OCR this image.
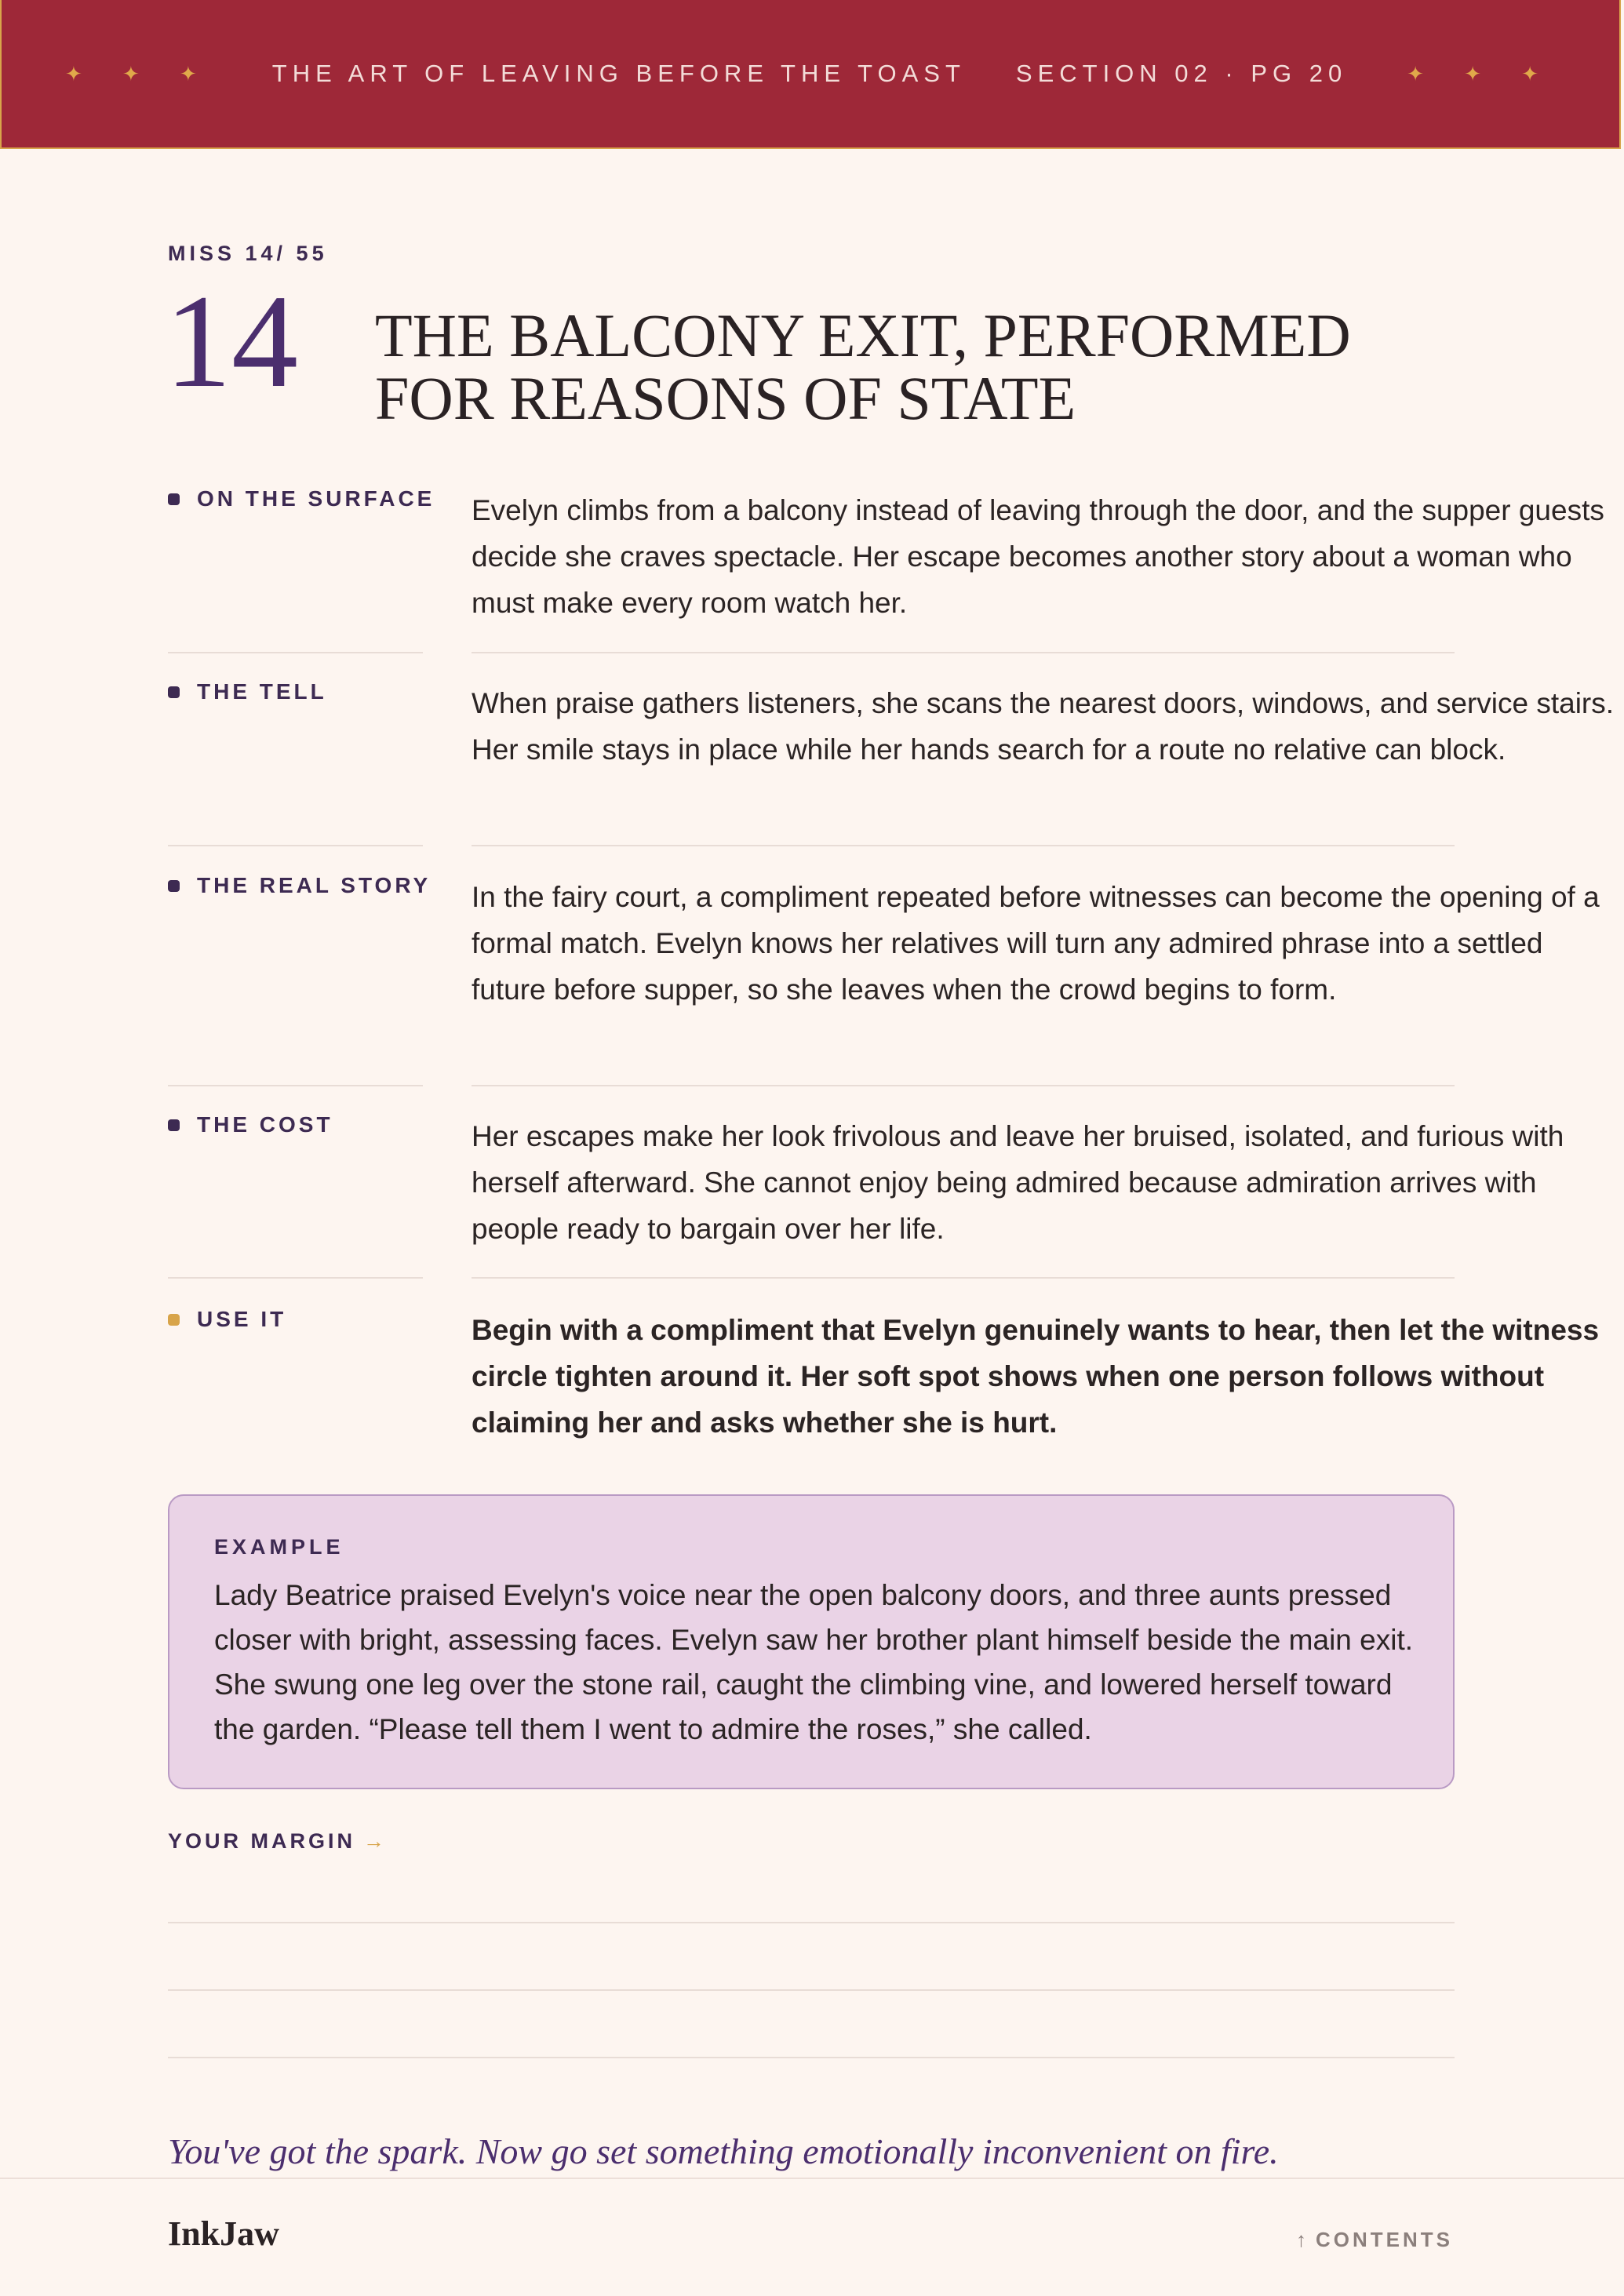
✦ ✦ ✦ THE ART OF LEAVING BEFORE THE TOAST SECTION 02 · PG 20	✦ ✦ ✦
MISS 14/ 55
14 THE BALCONY EXIT, PERFORMED FOR REASONS OF STATE
ON THE SURFACE Evelyn climbs from a balcony instead of leaving through the door, and the supper guests decide she craves spectacle. Her escape becomes another story about a woman who must make every room watch her.
THE TELL	When praise gathers listeners, she scans the nearest doors, windows, and service stairs. Her smile stays in place while her hands search for a route no relative can block.
THE REAL STORY In the fairy court, a compliment repeated before witnesses can become the opening of a formal match. Evelyn knows her relatives will turn any admired phrase into a settled future before supper, so she leaves when the crowd begins to form.
THE COST	Her escapes make her look frivolous and leave her bruised, isolated, and furious with herself afterward. She cannot enjoy being admired because admiration arrives with people ready to bargain over her life.
USE IT	Begin with a compliment that Evelyn genuinely wants to hear, then let the witness circle tighten around it. Her soft spot shows when one person follows without claiming her and asks whether she is hurt.
EXAMPLE
Lady Beatrice praised Evelyn's voice near the open balcony doors, and three aunts pressed closer with bright, assessing faces. Evelyn saw her brother plant himself beside the main exit. She swung one leg over the stone rail, caught the climbing vine, and lowered herself toward the garden. “Please tell them I went to admire the roses,” she called.
YOUR MARGIN →
You've got the spark. Now go set something emotionally inconvenient on fire.
InkJaw	↑ CONTENTS
